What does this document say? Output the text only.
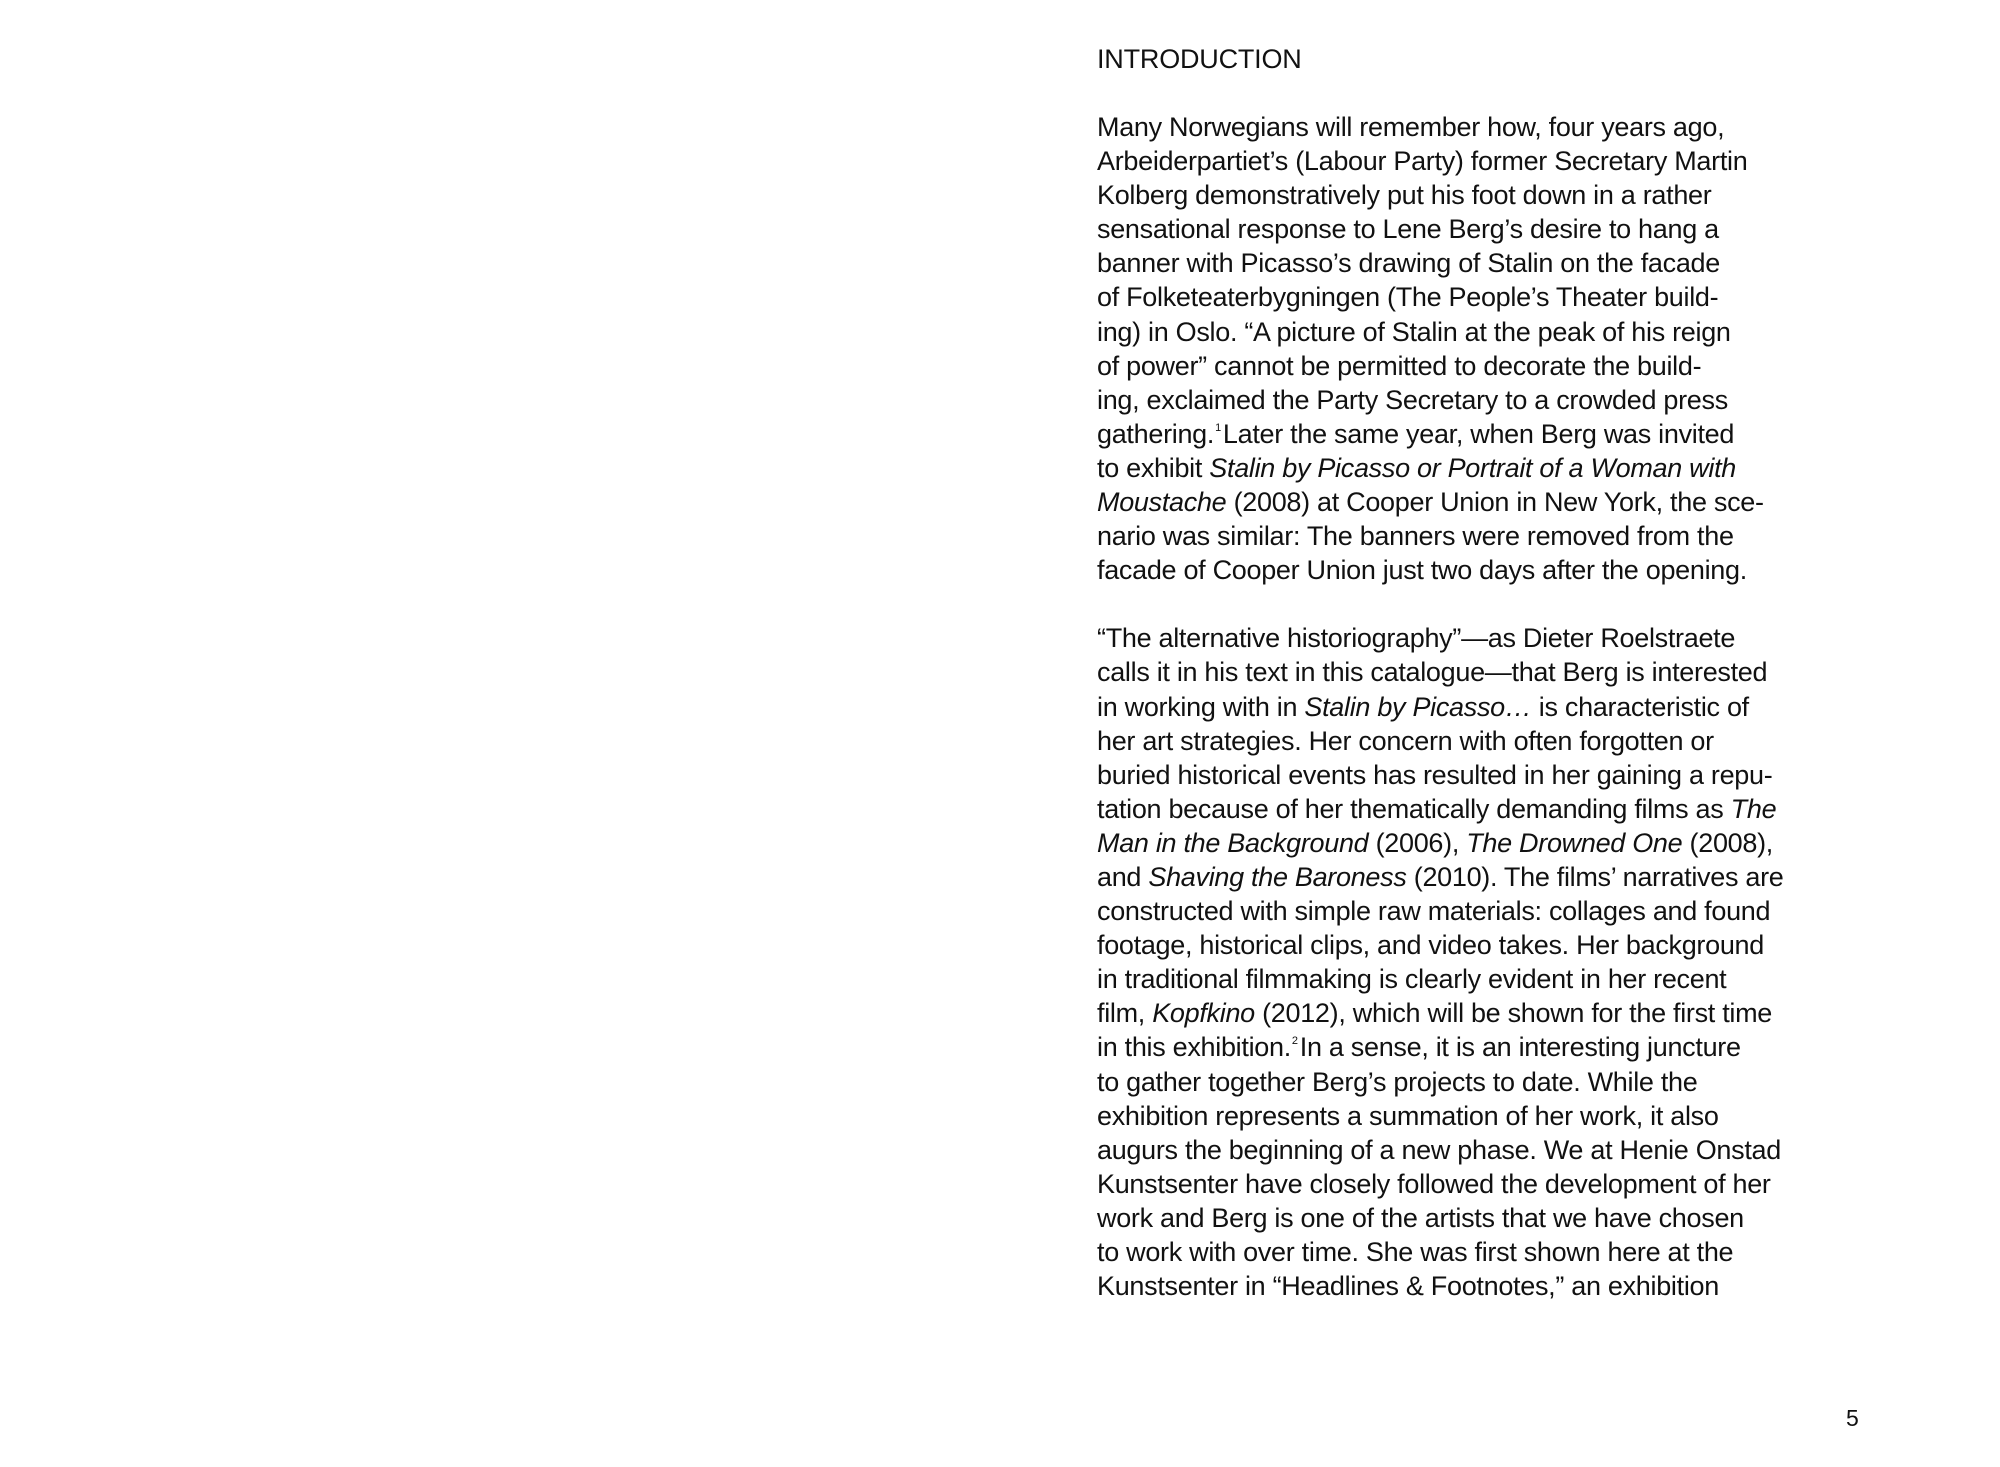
INTRODUCTION

Many Norwegians will remember how, four years ago,
Arbeiderpartiet’s (Labour Party) former Secretary Martin
Kolberg demonstratively put his foot down in a rather
sensational response to Lene Berg’s desire to hang a
banner with Picasso’s drawing of Stalin on the facade
of Folketeaterbygningen (The People’s Theater build-
ing) in Oslo. “A picture of Stalin at the peak of his reign
of power” cannot be permitted to decorate the build-
ing, exclaimed the Party Secretary to a crowded press
gathering.$^1$Later the same year, when Berg was invited
to exhibit Stalin by Picasso or Portrait of a Woman with
Moustache (2008) at Cooper Union in New York, the sce-
nario was similar: The banners were removed from the
facade of Cooper Union just two days after the opening.

“The alternative historiography”—as Dieter Roelstraete
calls it in his text in this catalogue—that Berg is interested
in working with in Stalin by Picasso… is characteristic of
her art strategies. Her concern with often forgotten or
buried historical events has resulted in her gaining a repu-
tation because of her thematically demanding films as The
Man in the Background (2006), The Drowned One (2008),
and Shaving the Baroness (2010). The films’ narratives are
constructed with simple raw materials: collages and found
footage, historical clips, and video takes. Her background
in traditional filmmaking is clearly evident in her recent
film, Kopfkino (2012), which will be shown for the first time
in this exhibition.$^2$In a sense, it is an interesting juncture
to gather together Berg’s projects to date. While the
exhibition represents a summation of her work, it also
augurs the beginning of a new phase. We at Henie Onstad
Kunstsenter have closely followed the development of her
work and Berg is one of the artists that we have chosen
to work with over time. She was first shown here at the
Kunstsenter in “Headlines & Footnotes,” an exhibition

5
